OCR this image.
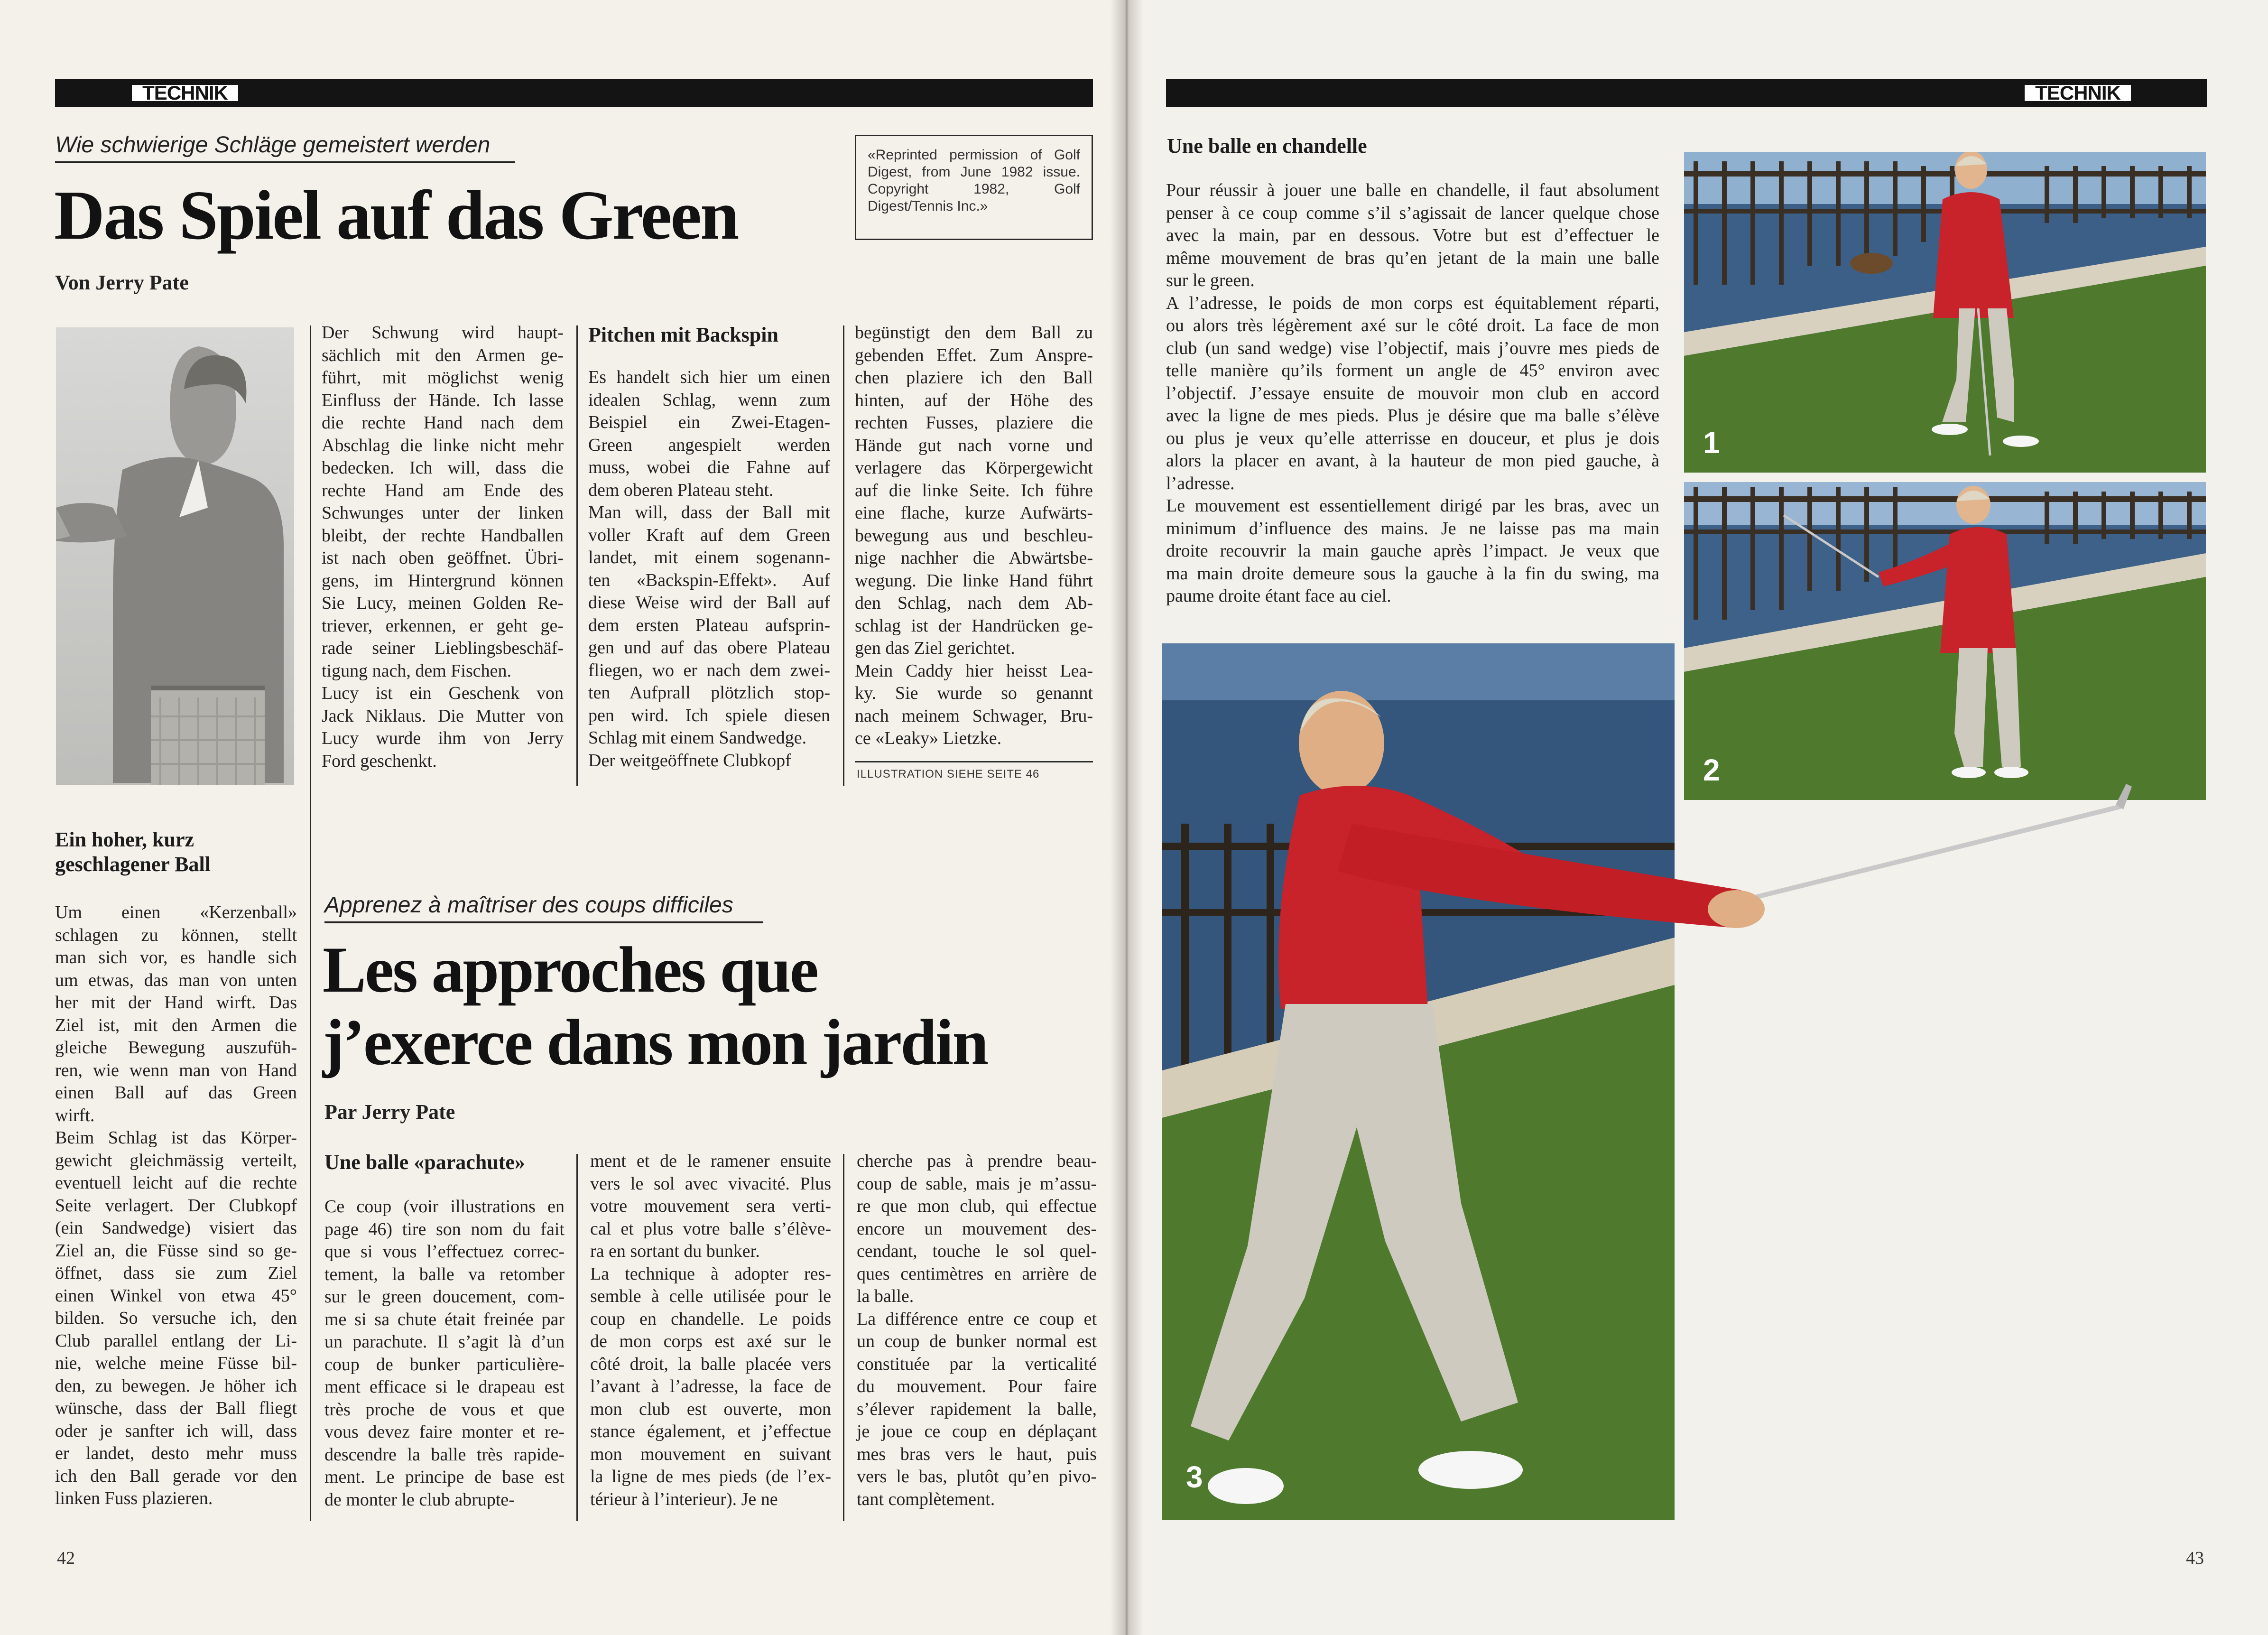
TECHNIK
Wie schwierige Schläge gemeistert werden
Das Spiel auf das Green
Von Jerry Pate
«Reprinted permission of Golf Digest, from June 1982 issue. Copyright 1982, Golf Digest/Tennis Inc.»
Ein hoher, kurz geschlagener Ball
Um einen «Kerzenball»
schlagen zu können, stellt
man sich vor, es handle sich
um etwas, das man von unten
her mit der Hand wirft. Das
Ziel ist, mit den Armen die
gleiche Bewegung auszufüh-
ren, wie wenn man von Hand
einen Ball auf das Green
wirft.
Beim Schlag ist das Körper-
gewicht gleichmässig verteilt,
eventuell leicht auf die rechte
Seite verlagert. Der Clubkopf
(ein Sandwedge) visiert das
Ziel an, die Füsse sind so ge-
öffnet, dass sie zum Ziel
einen Winkel von etwa 45°
bilden. So versuche ich, den
Club parallel entlang der Li-
nie, welche meine Füsse bil-
den, zu bewegen. Je höher ich
wünsche, dass der Ball fliegt
oder je sanfter ich will, dass
er landet, desto mehr muss
ich den Ball gerade vor den
linken Fuss plazieren.
Der Schwung wird haupt-
sächlich mit den Armen ge-
führt, mit möglichst wenig
Einfluss der Hände. Ich lasse
die rechte Hand nach dem
Abschlag die linke nicht mehr
bedecken. Ich will, dass die
rechte Hand am Ende des
Schwunges unter der linken
bleibt, der rechte Handballen
ist nach oben geöffnet. Übri-
gens, im Hintergrund können
Sie Lucy, meinen Golden Re-
triever, erkennen, er geht ge-
rade seiner Lieblingsbeschäf-
tigung nach, dem Fischen.
Lucy ist ein Geschenk von
Jack Niklaus. Die Mutter von
Lucy wurde ihm von Jerry
Ford geschenkt.
Pitchen mit Backspin
Es handelt sich hier um einen
idealen Schlag, wenn zum
Beispiel ein Zwei-Etagen-
Green angespielt werden
muss, wobei die Fahne auf
dem oberen Plateau steht.
Man will, dass der Ball mit
voller Kraft auf dem Green
landet, mit einem sogenann-
ten «Backspin-Effekt». Auf
diese Weise wird der Ball auf
dem ersten Plateau aufsprin-
gen und auf das obere Plateau
fliegen, wo er nach dem zwei-
ten Aufprall plötzlich stop-
pen wird. Ich spiele diesen
Schlag mit einem Sandwedge.
Der weitgeöffnete Clubkopf
begünstigt den dem Ball zu
gebenden Effet. Zum Anspre-
chen plaziere ich den Ball
hinten, auf der Höhe des
rechten Fusses, plaziere die
Hände gut nach vorne und
verlagere das Körpergewicht
auf die linke Seite. Ich führe
eine flache, kurze Aufwärts-
bewegung aus und beschleu-
nige nachher die Abwärtsbe-
wegung. Die linke Hand führt
den Schlag, nach dem Ab-
schlag ist der Handrücken ge-
gen das Ziel gerichtet.
Mein Caddy hier heisst Lea-
ky. Sie wurde so genannt
nach meinem Schwager, Bru-
ce «Leaky» Lietzke.
ILLUSTRATION SIEHE SEITE 46
Apprenez à maîtriser des coups difficiles
Les approches que
j’exerce dans mon jardin
Par Jerry Pate
Une balle «parachute»
Ce coup (voir illustrations en
page 46) tire son nom du fait
que si vous l’effectuez correc-
tement, la balle va retomber
sur le green doucement, com-
me si sa chute était freinée par
un parachute. Il s’agit là d’un
coup de bunker particulière-
ment efficace si le drapeau est
très proche de vous et que
vous devez faire monter et re-
descendre la balle très rapide-
ment. Le principe de base est
de monter le club abrupte-
ment et de le ramener ensuite
vers le sol avec vivacité. Plus
votre mouvement sera verti-
cal et plus votre balle s’élève-
ra en sortant du bunker.
La technique à adopter res-
semble à celle utilisée pour le
coup en chandelle. Le poids
de mon corps est axé sur le
côté droit, la balle placée vers
l’avant à l’adresse, la face de
mon club est ouverte, mon
stance également, et j’effectue
mon mouvement en suivant
la ligne de mes pieds (de l’ex-
térieur à l’interieur). Je ne
cherche pas à prendre beau-
coup de sable, mais je m’assu-
re que mon club, qui effectue
encore un mouvement des-
cendant, touche le sol quel-
ques centimètres en arrière de
la balle.
La différence entre ce coup et
un coup de bunker normal est
constituée par la verticalité
du mouvement. Pour faire
s’élever rapidement la balle,
je joue ce coup en déplaçant
mes bras vers le haut, puis
vers le bas, plutôt qu’en pivo-
tant complètement.
42
TECHNIK
Une balle en chandelle
Pour réussir à jouer une balle en chandelle, il faut absolument
penser à ce coup comme s’il s’agissait de lancer quelque chose
avec la main, par en dessous. Votre but est d’effectuer le
même mouvement de bras qu’en jetant de la main une balle
sur le green.
A l’adresse, le poids de mon corps est équitablement réparti,
ou alors très légèrement axé sur le côté droit. La face de mon
club (un sand wedge) vise l’objectif, mais j’ouvre mes pieds de
telle manière qu’ils forment un angle de 45° environ avec
l’objectif. J’essaye ensuite de mouvoir mon club en accord
avec la ligne de mes pieds. Plus je désire que ma balle s’élève
ou plus je veux qu’elle atterrisse en douceur, et plus je dois
alors la placer en avant, à la hauteur de mon pied gauche, à
l’adresse.
Le mouvement est essentiellement dirigé par les bras, avec un
minimum d’influence des mains. Je ne laisse pas ma main
droite recouvrir la main gauche après l’impact. Je veux que
ma main droite demeure sous la gauche à la fin du swing, ma
paume droite étant face au ciel.
1
2
3
43
